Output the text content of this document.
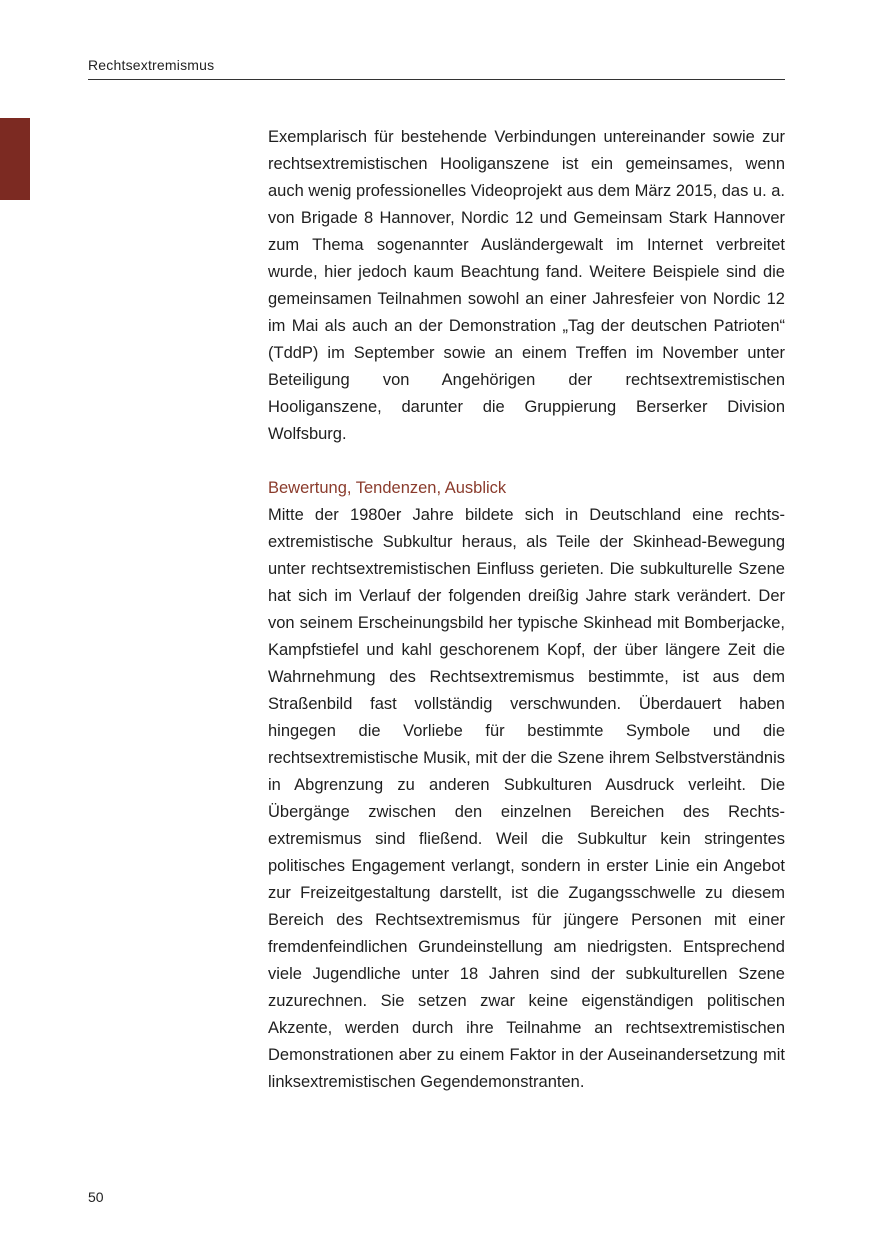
Rechtsextremismus

Exemplarisch für bestehende Verbindungen untereinander sowie zur rechtsextremistischen Hooliganszene ist ein gemeinsames, wenn auch wenig professionelles Videoprojekt aus dem März 2015, das u. a. von Brigade 8 Hannover, Nordic 12 und Gemeinsam Stark Hannover zum Thema sogenannter Ausländergewalt im Internet verbreitet wurde, hier jedoch kaum Beachtung fand. Weitere Beispiele sind die gemeinsamen Teilnahmen sowohl an einer Jahresfeier von Nordic 12 im Mai als auch an der Demonstration „Tag der deutschen Patrioten“ (TddP) im September sowie an einem Treffen im November unter Beteiligung von Angehörigen der rechtsextremistischen Hooliganszene, darunter die Gruppierung Berserker Division Wolfsburg.

Bewertung, Tendenzen, Ausblick

Mitte der 1980er Jahre bildete sich in Deutschland eine rechtsextremistische Subkultur heraus, als Teile der Skinhead-Bewegung unter rechtsextremistischen Einfluss gerieten. Die subkulturelle Szene hat sich im Verlauf der folgenden dreißig Jahre stark verändert. Der von seinem Erscheinungsbild her typische Skinhead mit Bomberjacke, Kampfstiefel und kahl geschorenem Kopf, der über längere Zeit die Wahrnehmung des Rechtsextremismus bestimmte, ist aus dem Straßenbild fast vollständig verschwunden. Überdauert haben hingegen die Vorliebe für bestimmte Symbole und die rechtsextremistische Musik, mit der die Szene ihrem Selbstverständnis in Abgrenzung zu anderen Subkulturen Ausdruck verleiht. Die Übergänge zwischen den einzelnen Bereichen des Rechtsextremismus sind fließend. Weil die Subkultur kein stringentes politisches Engagement verlangt, sondern in erster Linie ein Angebot zur Freizeitgestaltung darstellt, ist die Zugangsschwelle zu diesem Bereich des Rechtsextremismus für jüngere Personen mit einer fremdenfeindlichen Grundeinstellung am niedrigsten. Entsprechend viele Jugendliche unter 18 Jahren sind der subkulturellen Szene zuzurechnen. Sie setzen zwar keine eigenständigen politischen Akzente, werden durch ihre Teilnahme an rechtsextremistischen Demonstrationen aber zu einem Faktor in der Auseinandersetzung mit linksextremistischen Gegendemonstranten.

50
